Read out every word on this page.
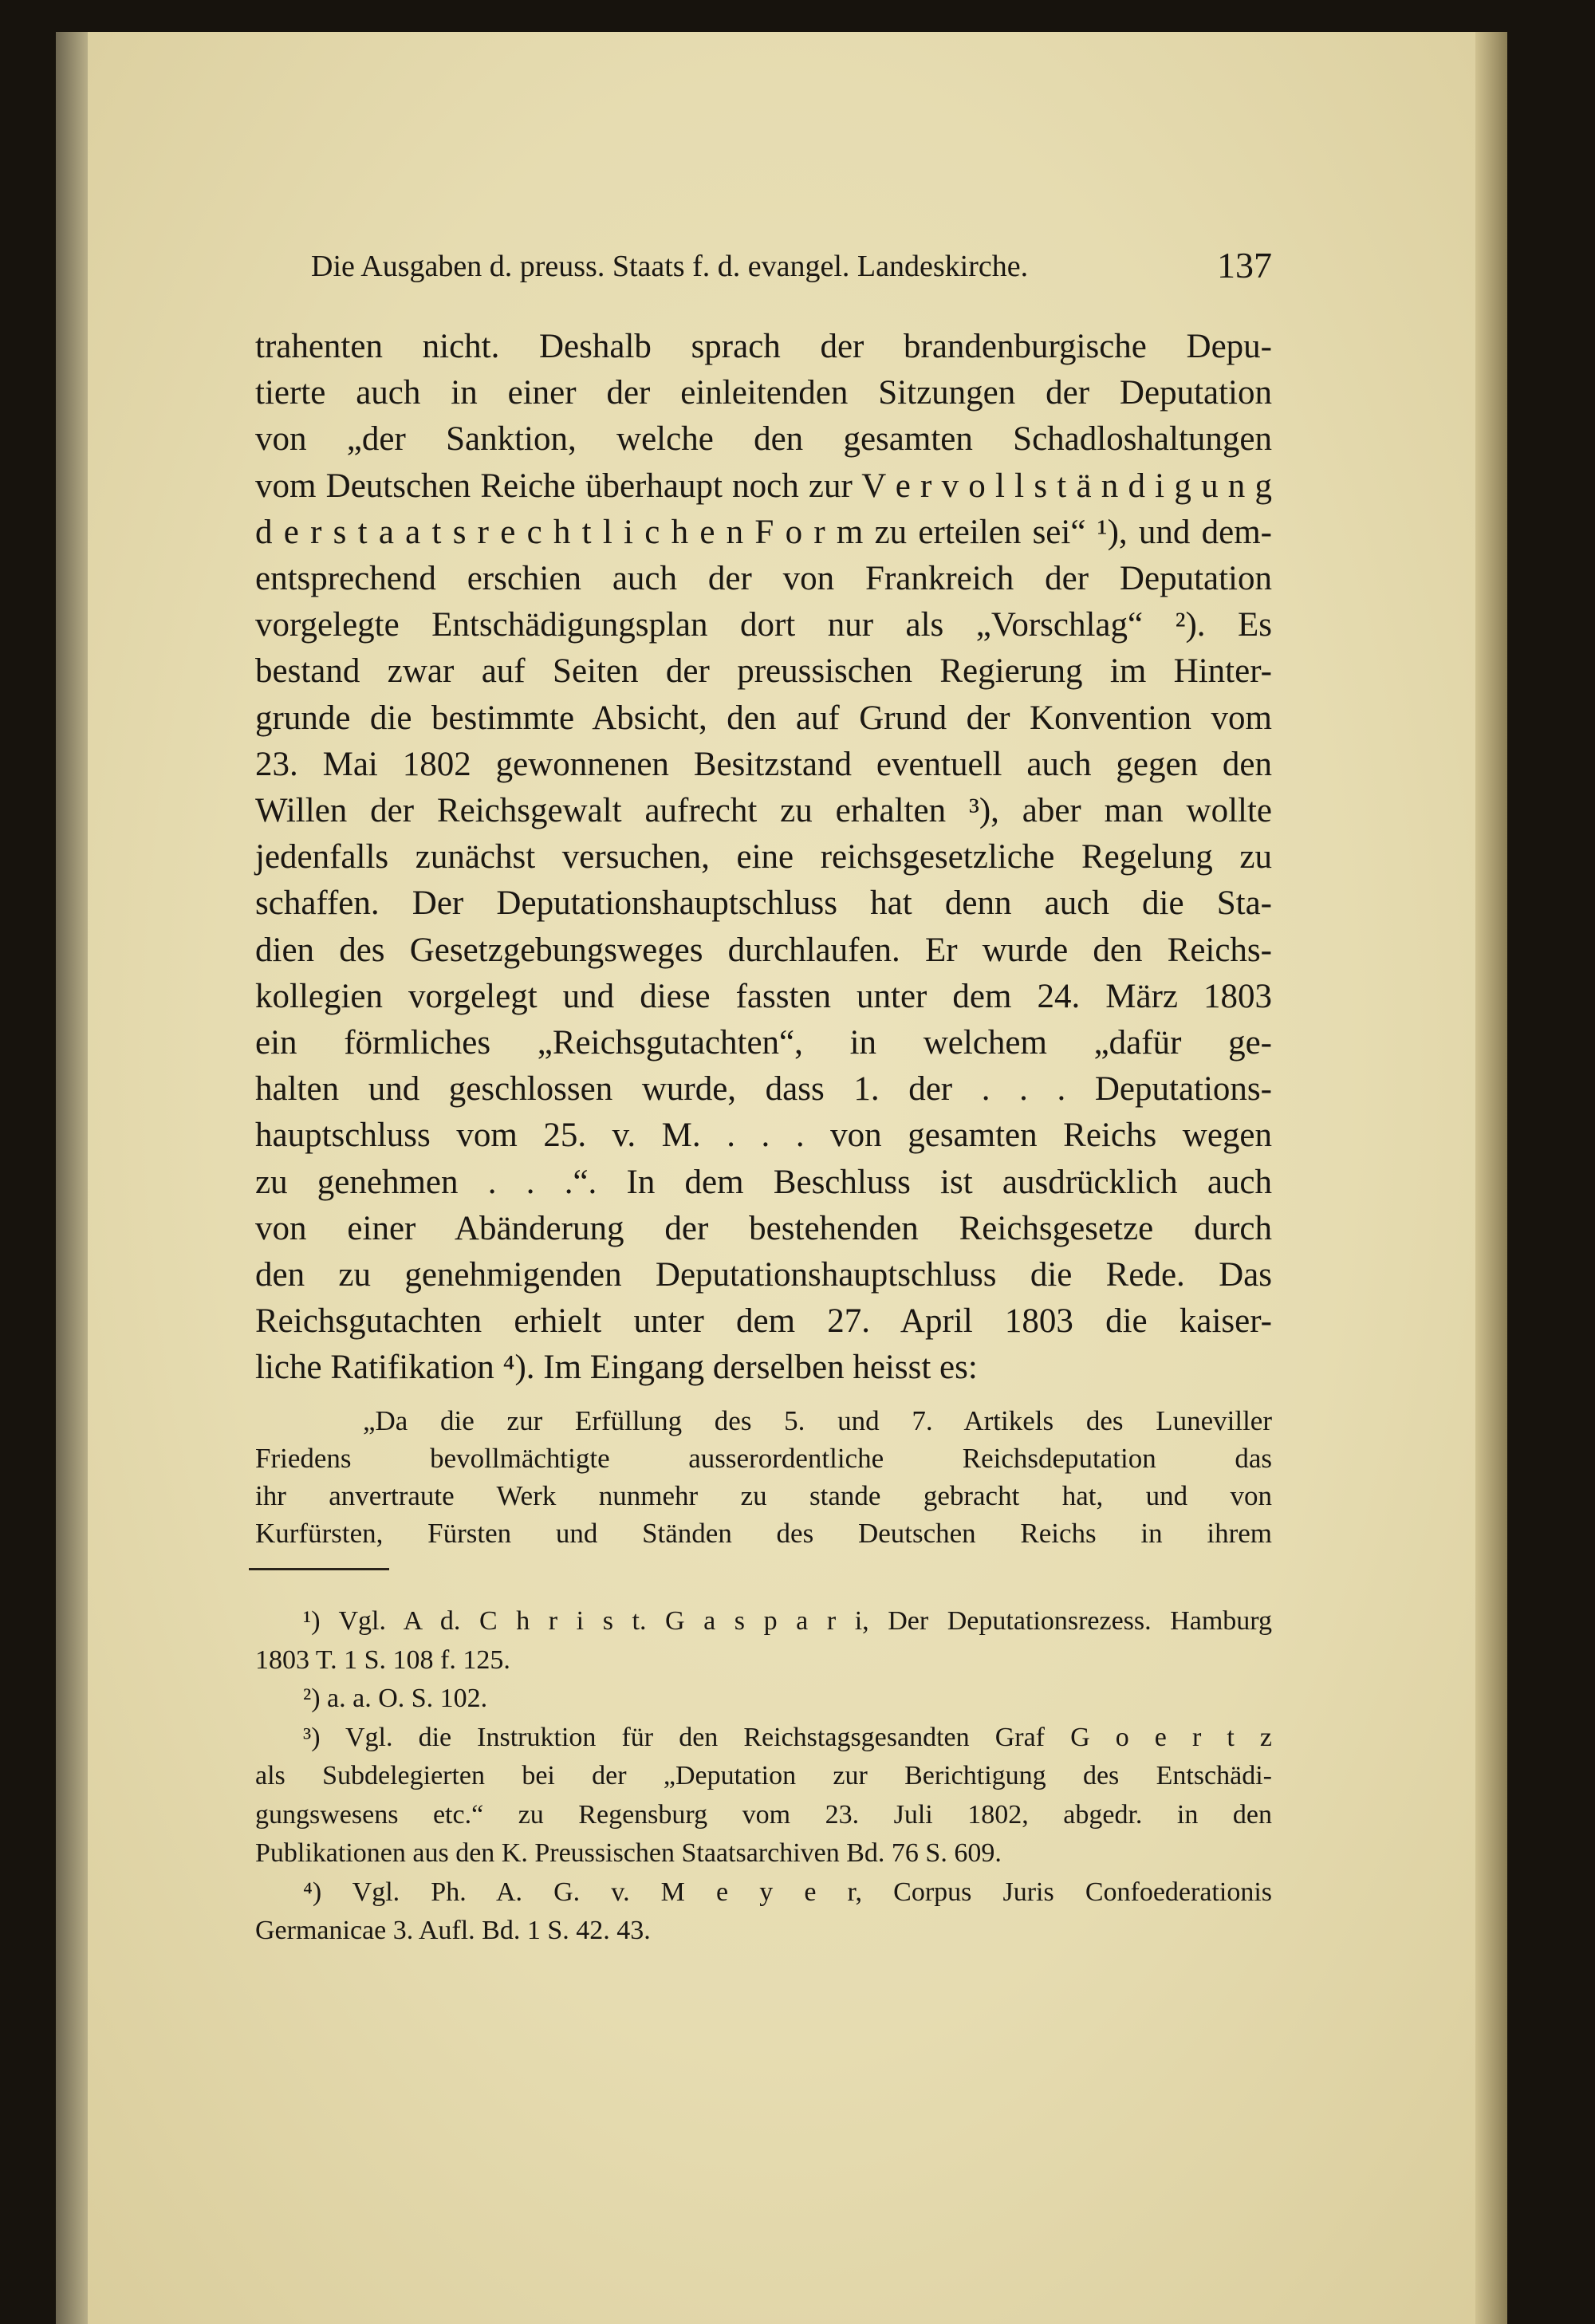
Die Ausgaben d. preuss. Staats f. d. evangel. Landeskirche.	137
trahenten nicht. Deshalb sprach der brandenburgische Depu-
tierte auch in einer der einleitenden Sitzungen der Deputation
von „der Sanktion, welche den gesamten Schadloshaltungen
vom Deutschen Reiche überhaupt noch zur V e r v o l l s t ä n d i g u n g
d e r s t a a t s r e c h t l i c h e n F o r m zu erteilen sei“ ¹), und dem-
entsprechend erschien auch der von Frankreich der Deputation
vorgelegte Entschädigungsplan dort nur als „Vorschlag“ ²). Es
bestand zwar auf Seiten der preussischen Regierung im Hinter-
grunde die bestimmte Absicht, den auf Grund der Konvention vom
23. Mai 1802 gewonnenen Besitzstand eventuell auch gegen den
Willen der Reichsgewalt aufrecht zu erhalten ³), aber man wollte
jedenfalls zunächst versuchen, eine reichsgesetzliche Regelung zu
schaffen. Der Deputationshauptschluss hat denn auch die Sta-
dien des Gesetzgebungsweges durchlaufen. Er wurde den Reichs-
kollegien vorgelegt und diese fassten unter dem 24. März 1803
ein förmliches „Reichsgutachten“, in welchem „dafür ge-
halten und geschlossen wurde, dass 1. der . . . Deputations-
hauptschluss vom 25. v. M. . . . von gesamten Reichs wegen
zu genehmen . . .“. In dem Beschluss ist ausdrücklich auch
von einer Abänderung der bestehenden Reichsgesetze durch
den zu genehmigenden Deputationshauptschluss die Rede. Das
Reichsgutachten erhielt unter dem 27. April 1803 die kaiser-
liche Ratifikation ⁴). Im Eingang derselben heisst es:
„Da die zur Erfüllung des 5. und 7. Artikels des Luneviller
Friedens bevollmächtigte ausserordentliche Reichsdeputation das
ihr anvertraute Werk nunmehr zu stande gebracht hat, und von
Kurfürsten, Fürsten und Ständen des Deutschen Reichs in ihrem
¹) Vgl. A d. C h r i s t. G a s p a r i, Der Deputationsrezess. Hamburg
1803 T. 1 S. 108 f. 125.
²) a. a. O. S. 102.
³) Vgl. die Instruktion für den Reichstagsgesandten Graf G o e r t z
als Subdelegierten bei der „Deputation zur Berichtigung des Entschädi-
gungswesens etc.“ zu Regensburg vom 23. Juli 1802, abgedr. in den
Publikationen aus den K. Preussischen Staatsarchiven Bd. 76 S. 609.
⁴) Vgl. Ph. A. G. v. M e y e r, Corpus Juris Confoederationis
Germanicae 3. Aufl. Bd. 1 S. 42. 43.
